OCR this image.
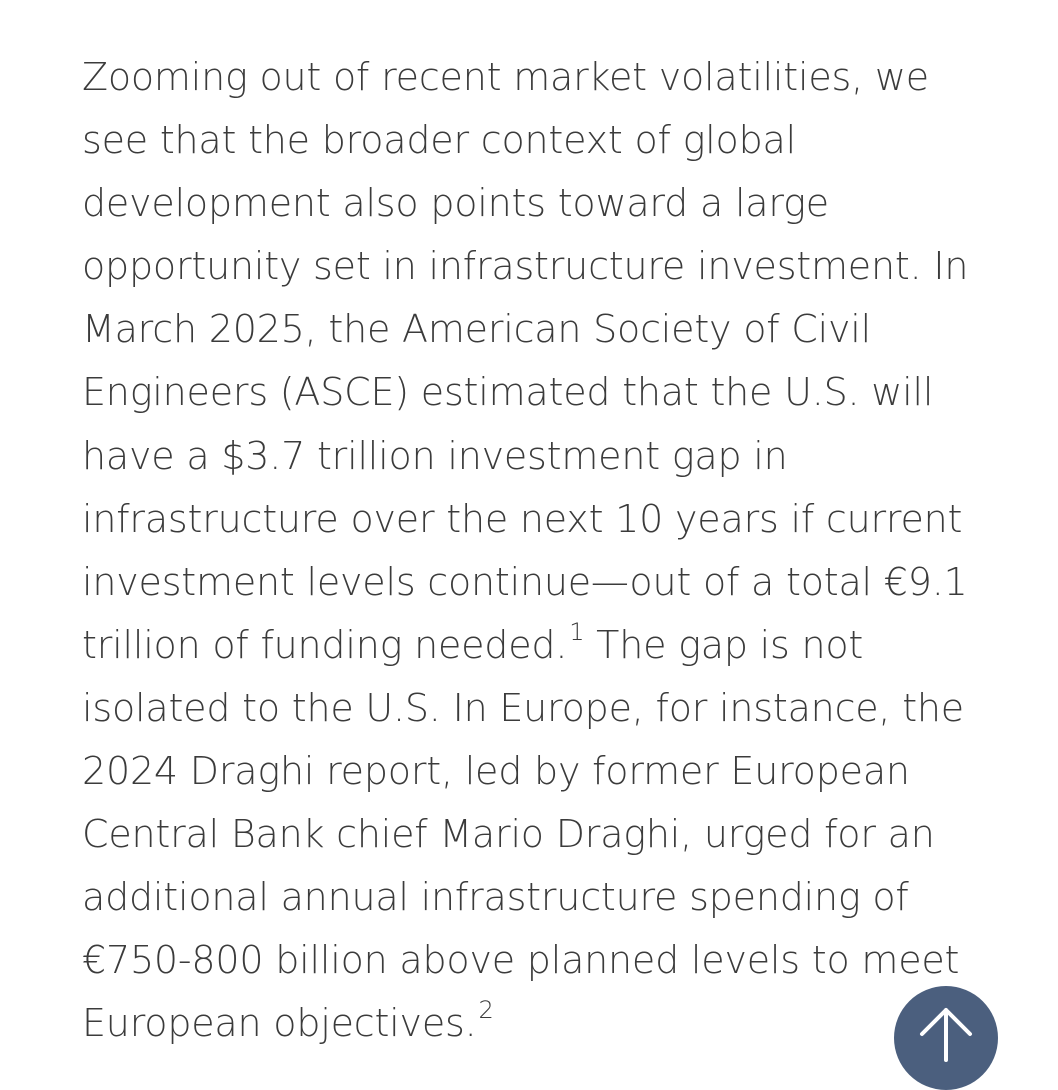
Zooming out of recent market volatilities, we
see that the broader context of global
development also points toward a large
opportunity set in infrastructure investment. In
March 2025, the American Society of Civil
Engineers (ASCE) estimated that the U.S. will
have a $3.7 trillion investment gap in
infrastructure over the next 10 years if current
investment levels continue—out of a total €9.1
trillion of funding needed.$^1$ The gap is not
isolated to the U.S. In Europe, for instance, the
2024 Draghi report, led by former European
Central Bank chief Mario Draghi, urged for an
additional annual infrastructure spending of
€750-800 billion above planned levels to meet
European objectives.$^2$
